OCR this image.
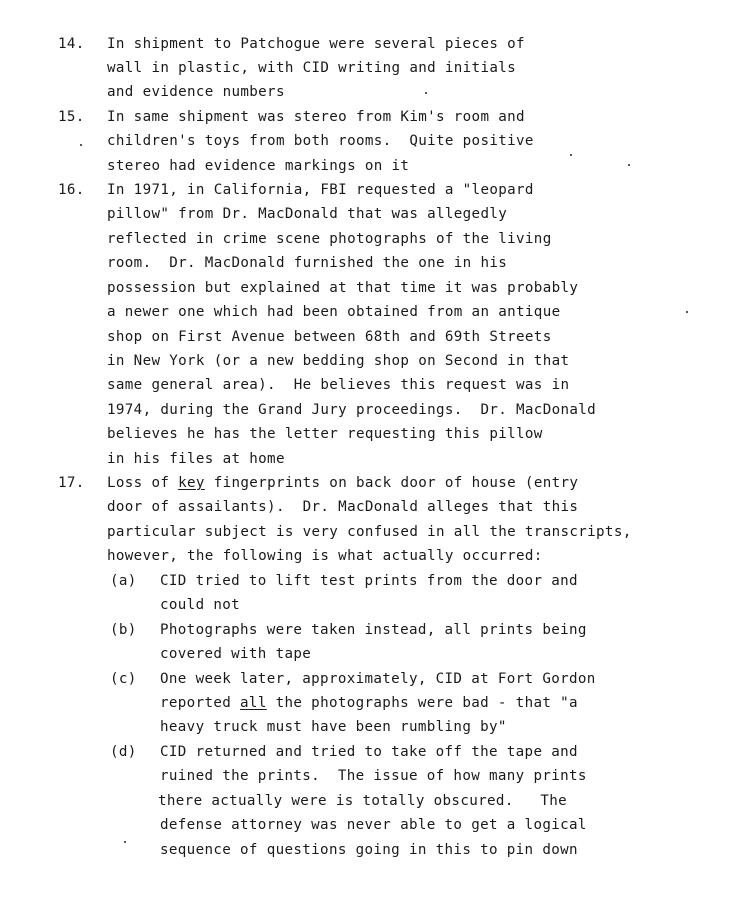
14. In shipment to Patchogue were several pieces of
wall in plastic, with CID writing and initials
and evidence numbers
15. In same shipment was stereo from Kim's room and
children's toys from both rooms.  Quite positive
stereo had evidence markings on it
16. In 1971, in California, FBI requested a "leopard
pillow" from Dr. MacDonald that was allegedly
reflected in crime scene photographs of the living
room.  Dr. MacDonald furnished the one in his
possession but explained at that time it was probably
a newer one which had been obtained from an antique
shop on First Avenue between 68th and 69th Streets
in New York (or a new bedding shop on Second in that
same general area).  He believes this request was in
1974, during the Grand Jury proceedings.  Dr. MacDonald
believes he has the letter requesting this pillow
in his files at home
17. Loss of key fingerprints on back door of house (entry
door of assailants).  Dr. MacDonald alleges that this
particular subject is very confused in all the transcripts,
however, the following is what actually occurred:
(a) CID tried to lift test prints from the door and
could not
(b) Photographs were taken instead, all prints being
covered with tape
(c) One week later, approximately, CID at Fort Gordon
reported all the photographs were bad - that "a
heavy truck must have been rumbling by"
(d) CID returned and tried to take off the tape and
ruined the prints.  The issue of how many prints
there actually were is totally obscured.   The
defense attorney was never able to get a logical
sequence of questions going in this to pin down
